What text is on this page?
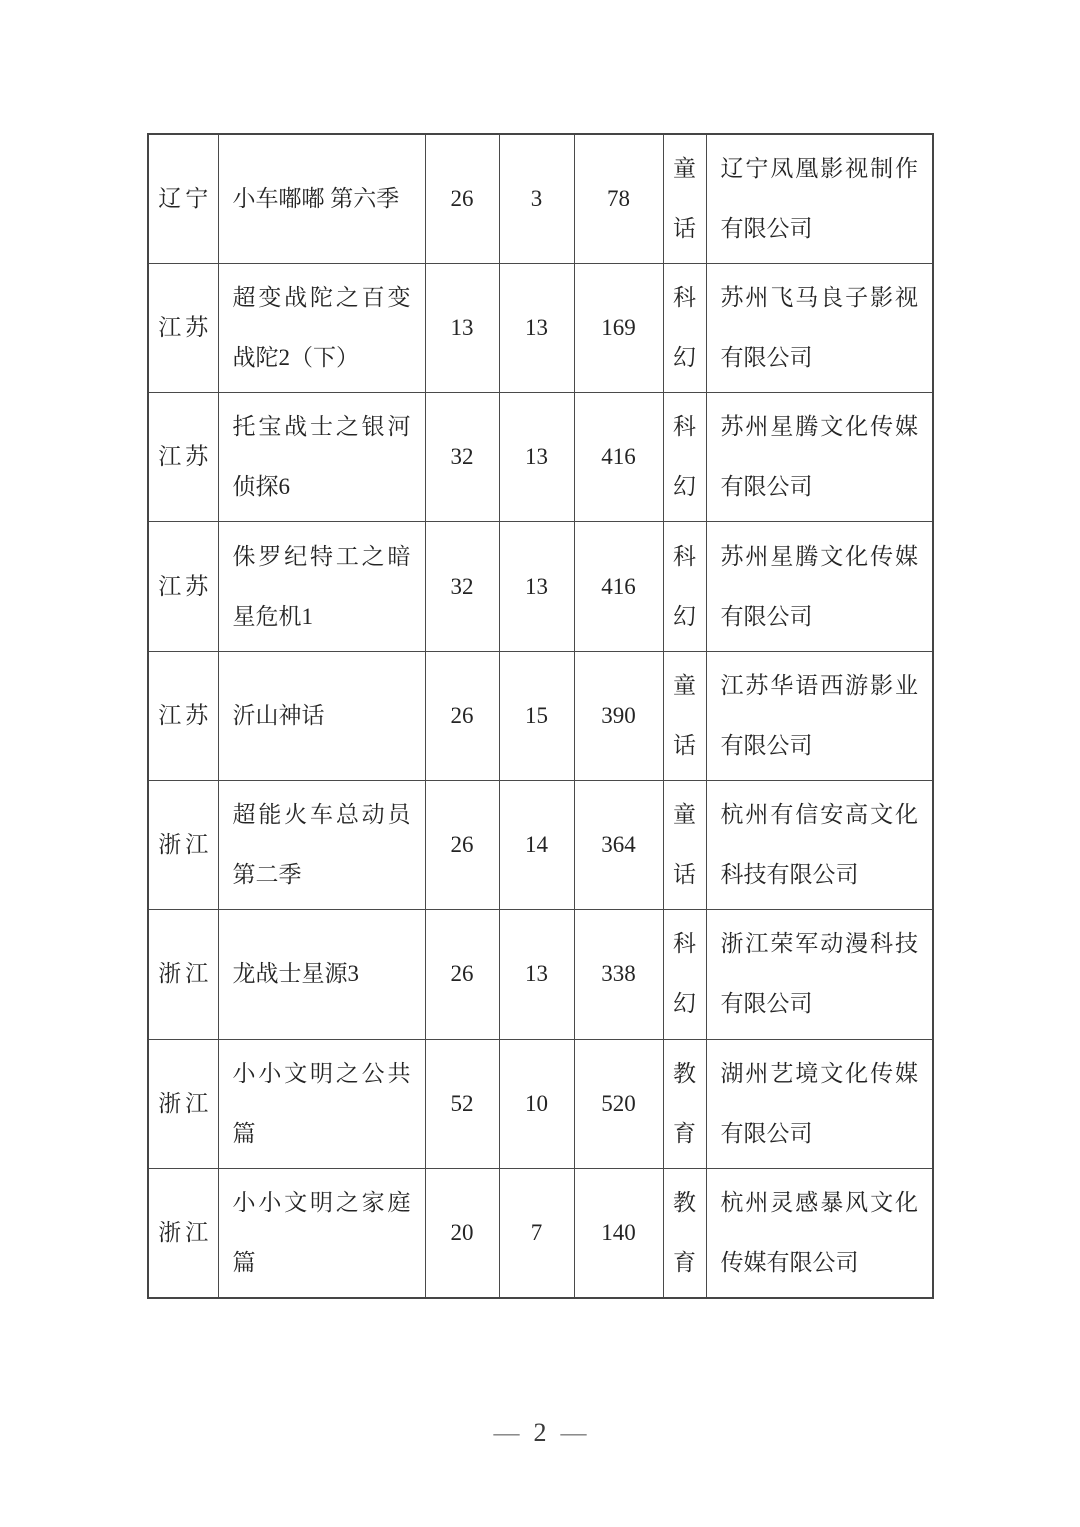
辽宁	小车嘟嘟 第六季	26	3	78	童话	辽宁凤凰影视制作有限公司
江苏	超变战陀之百变战陀2（下）	13	13	169	科幻	苏州飞马良子影视有限公司
江苏	托宝战士之银河侦探6	32	13	416	科幻	苏州星腾文化传媒有限公司
江苏	侏罗纪特工之暗星危机1	32	13	416	科幻	苏州星腾文化传媒有限公司
江苏	沂山神话	26	15	390	童话	江苏华语西游影业有限公司
浙江	超能火车总动员 第二季	26	14	364	童话	杭州有信安高文化科技有限公司
浙江	龙战士星源3	26	13	338	科幻	浙江荣军动漫科技有限公司
浙江	小小文明之公共篇	52	10	520	教育	湖州艺境文化传媒有限公司
浙江	小小文明之家庭篇	20	7	140	教育	杭州灵感暴风文化传媒有限公司
— 2 —
